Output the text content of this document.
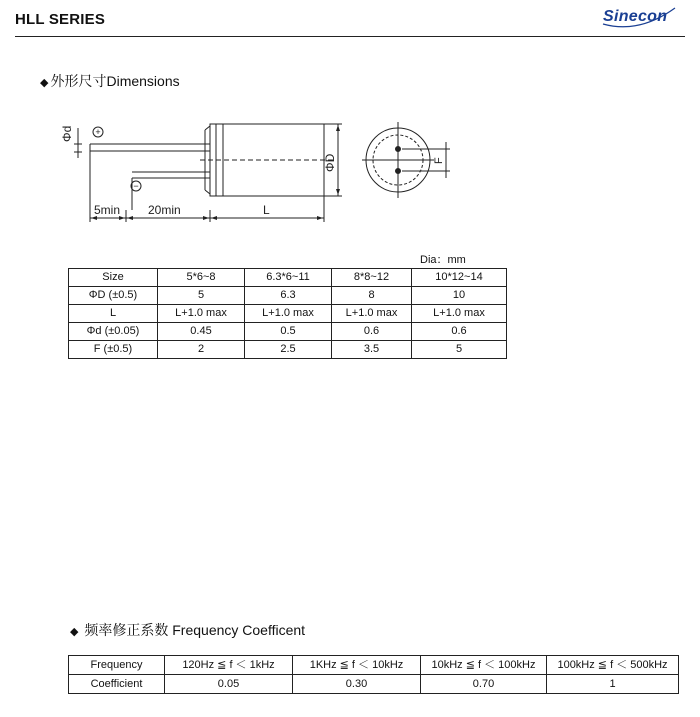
HLL SERIES	Sinecon
◆ 外形尺寸Dimensions
+
−
Φd
5min 20min	L
ΦD	F
Dia：mm
Size	5*6~8	6.3*6~11	8*8~12	10*12~14
ΦD (±0.5)	5	6.3	8	10
L	L+1.0 max	L+1.0 max	L+1.0 max	L+1.0 max
Φd (±0.05)	0.45	0.5	0.6	0.6
F (±0.5)	2	2.5	3.5	5
◆ 频率修正系数 Frequency Coefficent
Frequency	120Hz ≦ f ＜ 1kHz	1KHz ≦ f ＜ 10kHz	10kHz ≦ f ＜ 100kHz	100kHz ≦ f ＜ 500kHz
Coefficient	0.05	0.30	0.70	1
